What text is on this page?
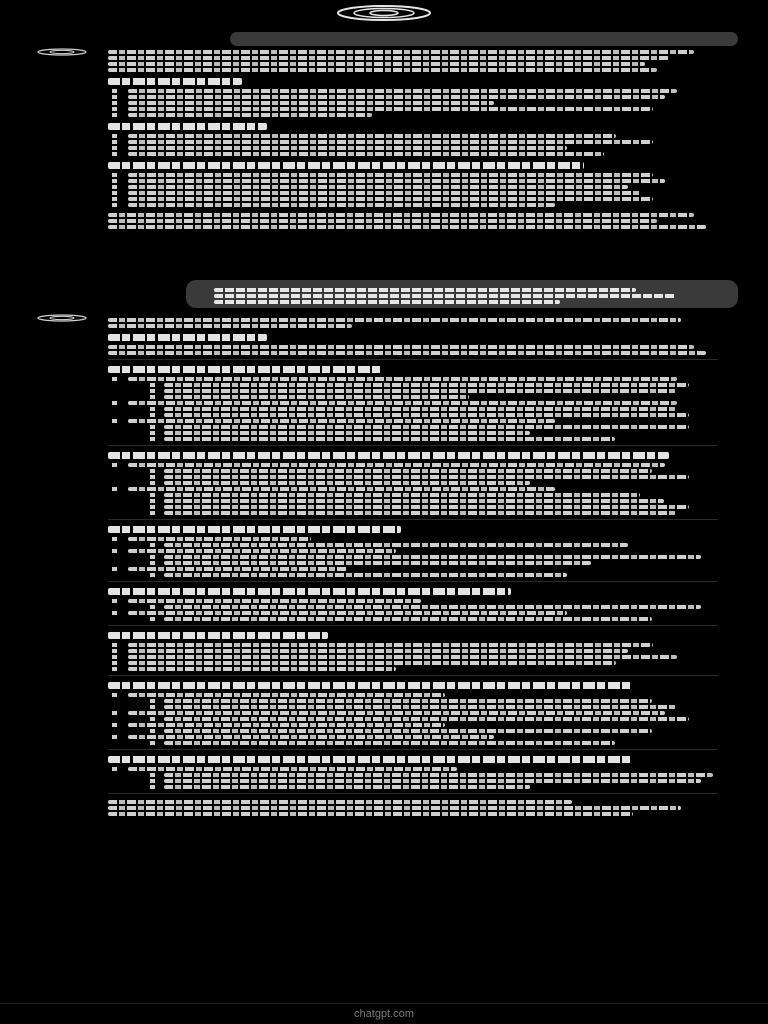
chatgpt.com
